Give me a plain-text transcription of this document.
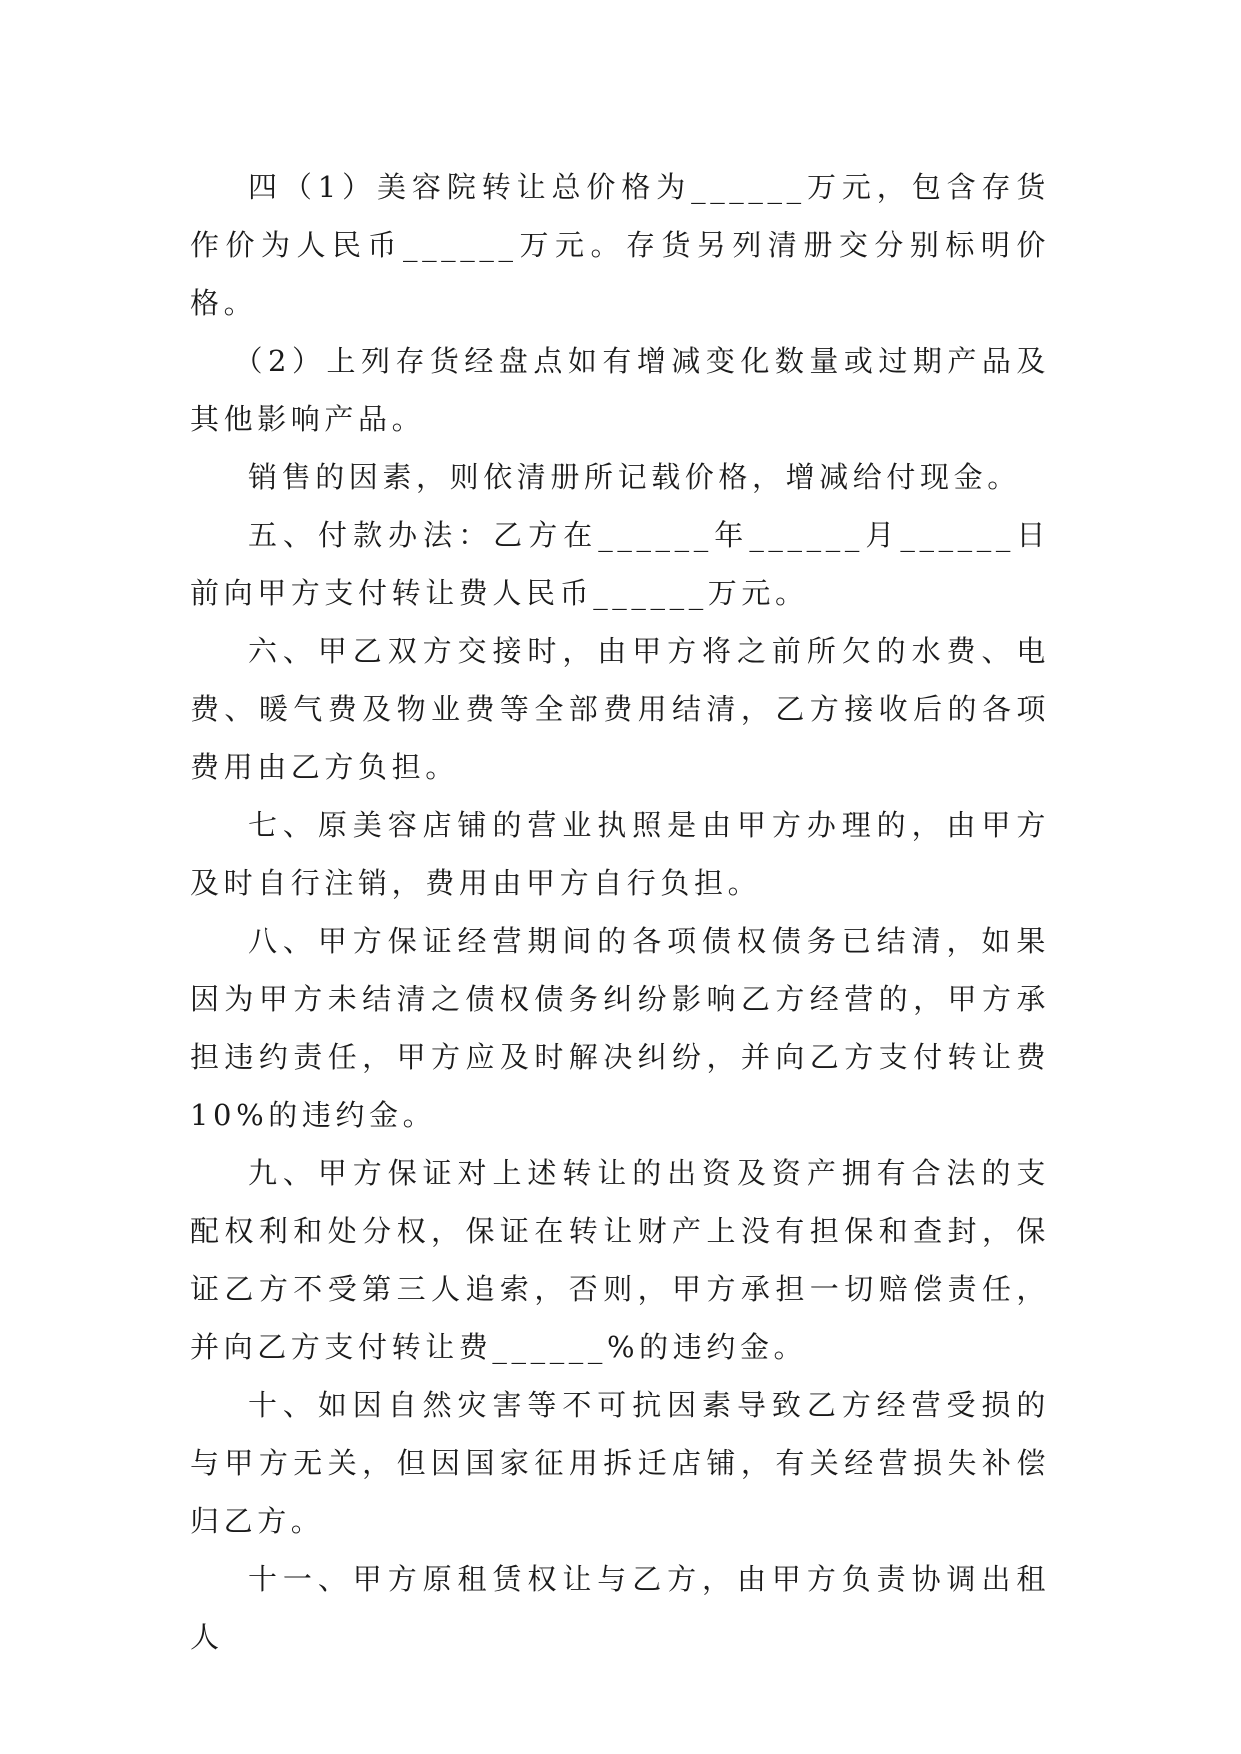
四（1）美容院转让总价格为______万元，包含存货作价为人民币______万元。存货另列清册交分别标明价格。

（2）上列存货经盘点如有增减变化数量或过期产品及其他影响产品。

销售的因素，则依清册所记载价格，增减给付现金。

五、付款办法：乙方在______年______月______日前向甲方支付转让费人民币______万元。

六、甲乙双方交接时，由甲方将之前所欠的水费、电费、暖气费及物业费等全部费用结清，乙方接收后的各项费用由乙方负担。

七、原美容店铺的营业执照是由甲方办理的，由甲方及时自行注销，费用由甲方自行负担。

八、甲方保证经营期间的各项债权债务已结清，如果因为甲方未结清之债权债务纠纷影响乙方经营的，甲方承担违约责任，甲方应及时解决纠纷，并向乙方支付转让费 10%的违约金。

九、甲方保证对上述转让的出资及资产拥有合法的支配权利和处分权，保证在转让财产上没有担保和查封，保证乙方不受第三人追索，否则，甲方承担一切赔偿责任，并向乙方支付转让费______%的违约金。

十、如因自然灾害等不可抗因素导致乙方经营受损的与甲方无关，但因国家征用拆迁店铺，有关经营损失补偿归乙方。

十一、甲方原租赁权让与乙方，由甲方负责协调出租人
